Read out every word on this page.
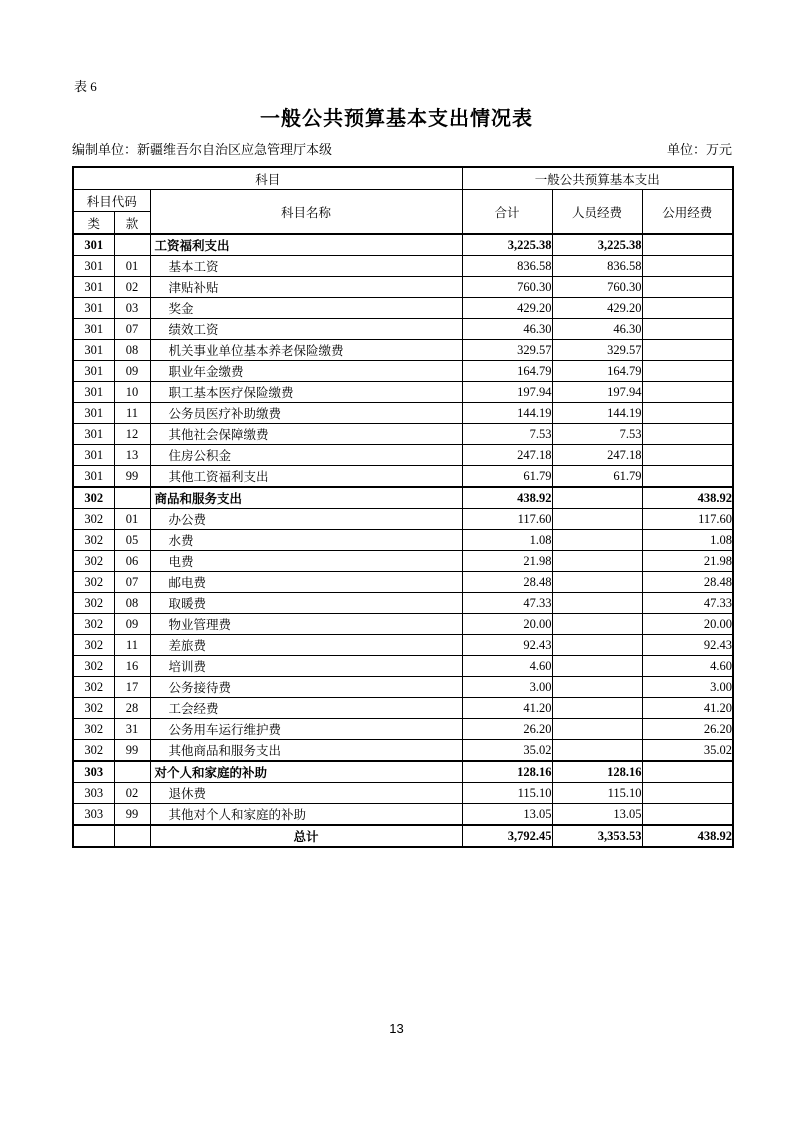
表 6
一般公共预算基本支出情况表
编制单位：新疆维吾尔自治区应急管理厅本级	单位：万元
科目			一般公共预算基本支出		
科目代码		科目名称	合计	人员经费	公用经费
类	款				
301		工资福利支出	3,225.38	3,225.38	
301	01	基本工资	836.58	836.58	
301	02	津贴补贴	760.30	760.30	
301	03	奖金	429.20	429.20	
301	07	绩效工资	46.30	46.30	
301	08	机关事业单位基本养老保险缴费	329.57	329.57	
301	09	职业年金缴费	164.79	164.79	
301	10	职工基本医疗保险缴费	197.94	197.94	
301	11	公务员医疗补助缴费	144.19	144.19	
301	12	其他社会保障缴费	7.53	7.53	
301	13	住房公积金	247.18	247.18	
301	99	其他工资福利支出	61.79	61.79	
302		商品和服务支出	438.92		438.92
302	01	办公费	117.60		117.60
302	05	水费	1.08		1.08
302	06	电费	21.98		21.98
302	07	邮电费	28.48		28.48
302	08	取暖费	47.33		47.33
302	09	物业管理费	20.00		20.00
302	11	差旅费	92.43		92.43
302	16	培训费	4.60		4.60
302	17	公务接待费	3.00		3.00
302	28	工会经费	41.20		41.20
302	31	公务用车运行维护费	26.20		26.20
302	99	其他商品和服务支出	35.02		35.02
303		对个人和家庭的补助	128.16	128.16	
303	02	退休费	115.10	115.10	
303	99	其他对个人和家庭的补助	13.05	13.05	
		总计	3,792.45	3,353.53	438.92
13
